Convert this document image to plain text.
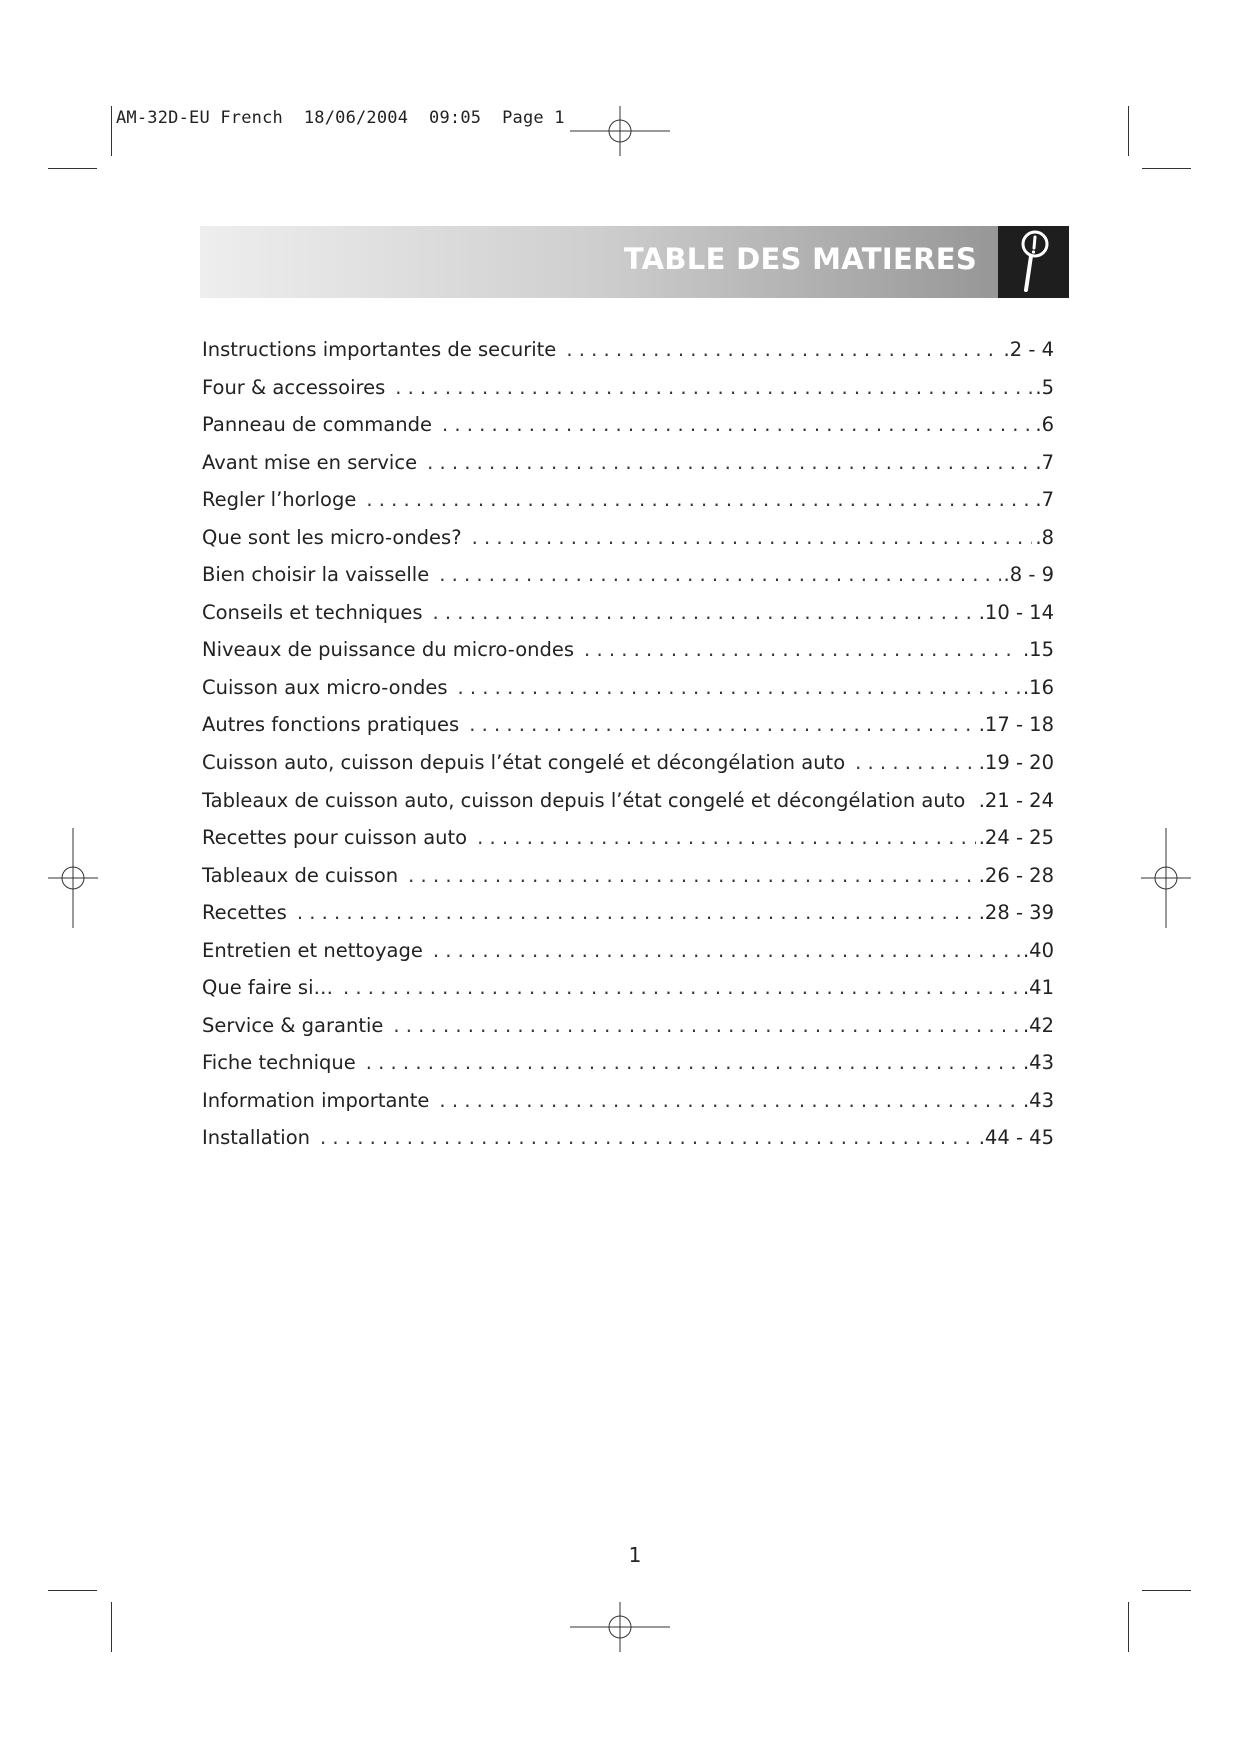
AM-32D-EU French  18/06/2004  09:05  Page 1
TABLE DES MATIERES
Instructions importantes de securite . . .	.2 - 4
Four & accessoires . . .	.5
Panneau de commande . . .	.6
Avant mise en service . . .	.7
Regler l’horloge . . .	.7
Que sont les micro-ondes? . . .	.8
Bien choisir la vaisselle . . .	.8 - 9
Conseils et techniques . . .	.10 - 14
Niveaux de puissance du micro-ondes . . .	.15
Cuisson aux micro-ondes . . .	.16
Autres fonctions pratiques . . .	.17 - 18
Cuisson auto, cuisson depuis l’état congelé et décongélation auto . . .	.19 - 20
Tableaux de cuisson auto, cuisson depuis l’état congelé et décongélation auto . . . .21 - 24
Recettes pour cuisson auto . . .	.24 - 25
Tableaux de cuisson . . .	.26 - 28
Recettes . . .	.28 - 39
Entretien et nettoyage . . .	.40
Que faire si… . . .	.41
Service & garantie . . .	.42
Fiche technique . . .	.43
Information importante . . .	.43
Installation . . .	.44 - 45
1
